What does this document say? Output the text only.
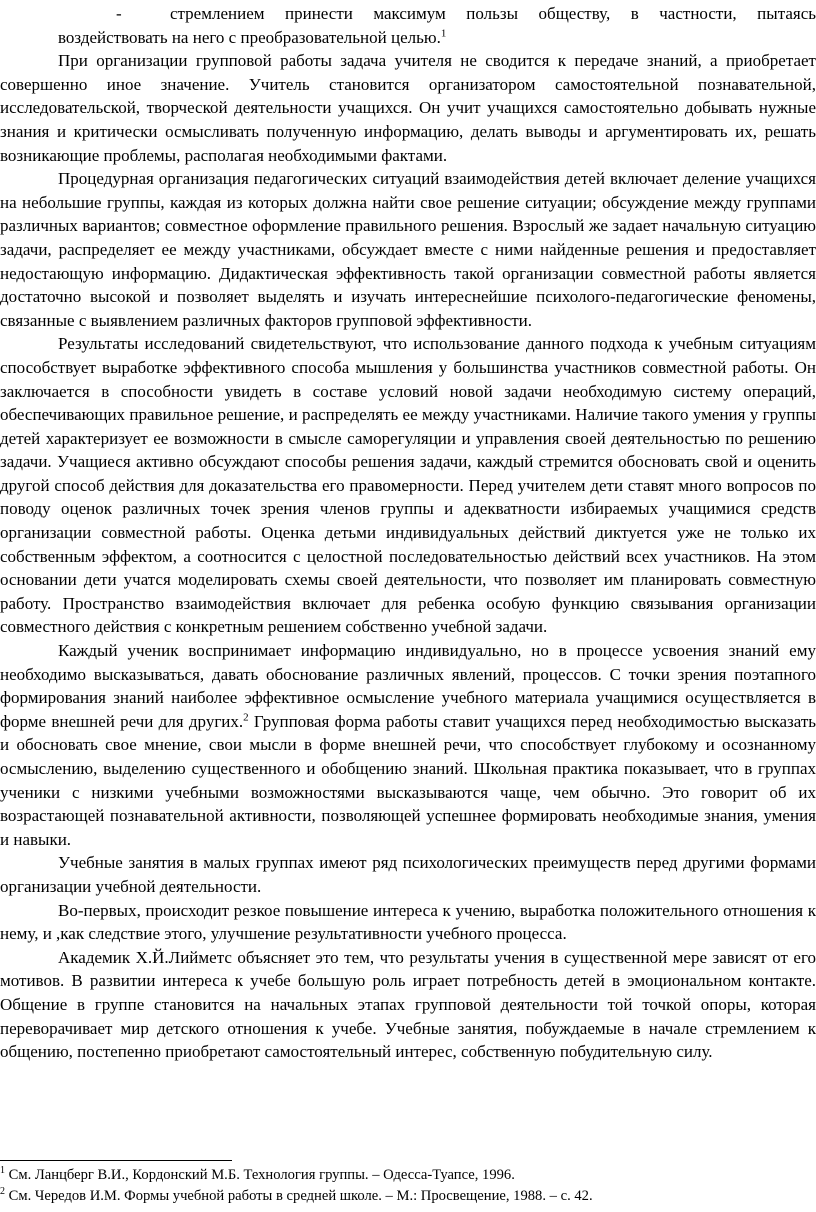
-	стремлением принести максимум пользы обществу, в частности, пытаясь воздействовать на него с преобразовательной целью.$^1$

При организации групповой работы задача учителя не сводится к передаче знаний, а приобретает совершенно иное значение. Учитель становится организатором самостоятельной познавательной, исследовательской, творческой деятельности учащихся. Он учит учащихся самостоятельно добывать нужные знания и критически осмысливать полученную информацию, делать выводы и аргументировать их, решать возникающие проблемы, располагая необходимыми фактами.

Процедурная организация педагогических ситуаций взаимодействия детей включает деление учащихся на небольшие группы, каждая из которых должна найти свое решение ситуации; обсуждение между группами различных вариантов; совместное оформление правильного решения. Взрослый же задает начальную ситуацию задачи, распределяет ее между участниками, обсуждает вместе с ними найденные решения и предоставляет недостающую информацию. Дидактическая эффективность такой организации совместной работы является достаточно высокой и позволяет выделять и изучать интереснейшие психолого-педагогические феномены, связанные с выявлением различных факторов групповой эффективности.

Результаты исследований свидетельствуют, что использование данного подхода к учебным ситуациям способствует выработке эффективного способа мышления у большинства участников совместной работы. Он заключается в способности увидеть в составе условий новой задачи необходимую систему операций, обеспечивающих правильное решение, и распределять ее между участниками. Наличие такого умения у группы детей характеризует ее возможности в смысле саморегуляции и управления своей деятельностью по решению задачи. Учащиеся активно обсуждают способы решения задачи, каждый стремится обосновать свой и оценить другой способ действия для доказательства его правомерности. Перед учителем дети ставят много вопросов по поводу оценок различных точек зрения членов группы и адекватности избираемых учащимися средств организации совместной работы. Оценка детьми индивидуальных действий диктуется уже не только их собственным эффектом, а соотносится с целостной последовательностью действий всех участников. На этом основании дети учатся моделировать схемы своей деятельности, что позволяет им планировать совместную работу. Пространство взаимодействия включает для ребенка особую функцию связывания организации совместного действия с конкретным решением собственно учебной задачи.

Каждый ученик воспринимает информацию индивидуально, но в процессе усвоения знаний ему необходимо высказываться, давать обоснование различных явлений, процессов. С точки зрения поэтапного формирования знаний наиболее эффективное осмысление учебного материала учащимися осуществляется в форме внешней речи для других.$^2$ Групповая форма работы ставит учащихся перед необходимостью высказать и обосновать свое мнение, свои мысли в форме внешней речи, что способствует глубокому и осознанному осмыслению, выделению существенного и обобщению знаний. Школьная практика показывает, что в группах ученики с низкими учебными возможностями высказываются чаще, чем обычно. Это говорит об их возрастающей познавательной активности, позволяющей успешнее формировать необходимые знания, умения и навыки.

Учебные занятия в малых группах имеют ряд психологических преимуществ перед другими формами организации учебной деятельности.

Во-первых, происходит резкое повышение интереса к учению, выработка положительного отношения к нему, и ,как следствие этого, улучшение результативности учебного процесса.

Академик Х.Й.Лийметс объясняет это тем, что результаты учения в существенной мере зависят от его мотивов. В развитии интереса к учебе большую роль играет потребность детей в эмоциональном контакте. Общение в группе становится на начальных этапах групповой деятельности той точкой опоры, которая переворачивает мир детского отношения к учебе. Учебные занятия, побуждаемые в начале стремлением к общению, постепенно приобретают самостоятельный интерес, собственную побудительную силу.

$^1$ См. Ланцберг В.И., Кордонский М.Б. Технология группы. – Одесса-Туапсе, 1996.

$^2$ См. Чередов И.М. Формы учебной работы в средней школе. – М.: Просвещение, 1988. – с. 42.
